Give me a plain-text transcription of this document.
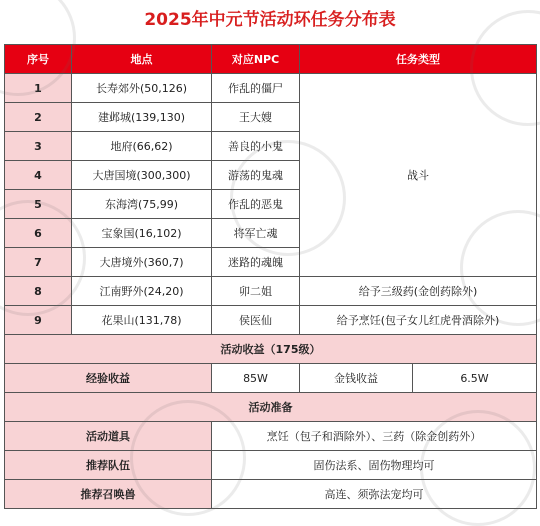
2025年中元节活动环任务分布表
序号	地点	对应NPC	任务类型	
1	长寿郊外(50,126)	作乱的僵尸	战斗	
2	建邺城(139,130)	王大嫂		
3	地府(66,62)	善良的小鬼		
4	大唐国境(300,300)	游荡的鬼魂		
5	东海湾(75,99)	作乱的恶鬼		
6	宝象国(16,102)	将军亡魂		
7	大唐境外(360,7)	迷路的魂魄		
8	江南野外(24,20)	卯二姐	给予三级药(金创药除外)	
9	花果山(131,78)	侯医仙	给予烹饪(包子女儿红虎骨酒除外)	
活动收益（175级）				
经验收益		85W	金钱收益	6.5W
活动准备				
活动道具		烹饪（包子和酒除外）、三药（除金创药外）		
推荐队伍		固伤法系、固伤物理均可		
推荐召唤兽		高连、须弥法宠均可		
